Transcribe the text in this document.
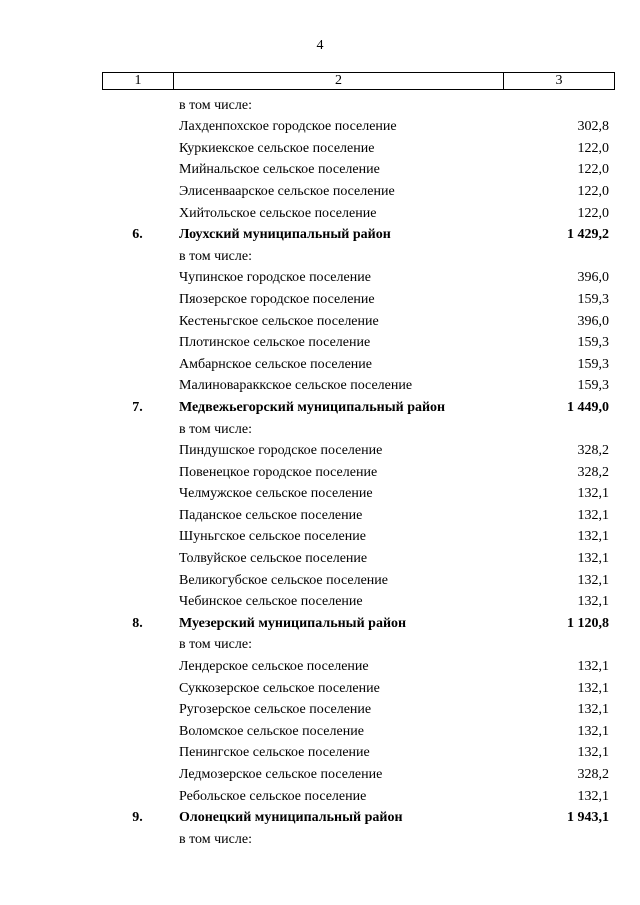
4
1	2	3
в том числе:
Лахденпохское городское поселение	302,8
Куркиекское сельское поселение	122,0
Мийнальское сельское поселение	122,0
Элисенваарское сельское поселение	122,0
Хийтольское сельское поселение	122,0
6.	Лоухский муниципальный район	1 429,2
в том числе:
Чупинское городское поселение	396,0
Пяозерское городское поселение	159,3
Кестеньгское сельское поселение	396,0
Плотинское сельское поселение	159,3
Амбарнское сельское поселение	159,3
Малиновараккское сельское поселение	159,3
7.	Медвежьегорский муниципальный район	1 449,0
в том числе:
Пиндушское городское поселение	328,2
Повенецкое городское поселение	328,2
Челмужское сельское поселение	132,1
Паданское сельское поселение	132,1
Шуньгское сельское поселение	132,1
Толвуйское сельское поселение	132,1
Великогубское сельское поселение	132,1
Чебинское сельское поселение	132,1
8.	Муезерский муниципальный район	1 120,8
в том числе:
Лендерское сельское поселение	132,1
Суккозерское сельское поселение	132,1
Ругозерское сельское поселение	132,1
Воломское сельское поселение	132,1
Пенингское сельское поселение	132,1
Ледмозерское сельское поселение	328,2
Ребольское сельское поселение	132,1
9.	Олонецкий муниципальный район	1 943,1
в том числе:
